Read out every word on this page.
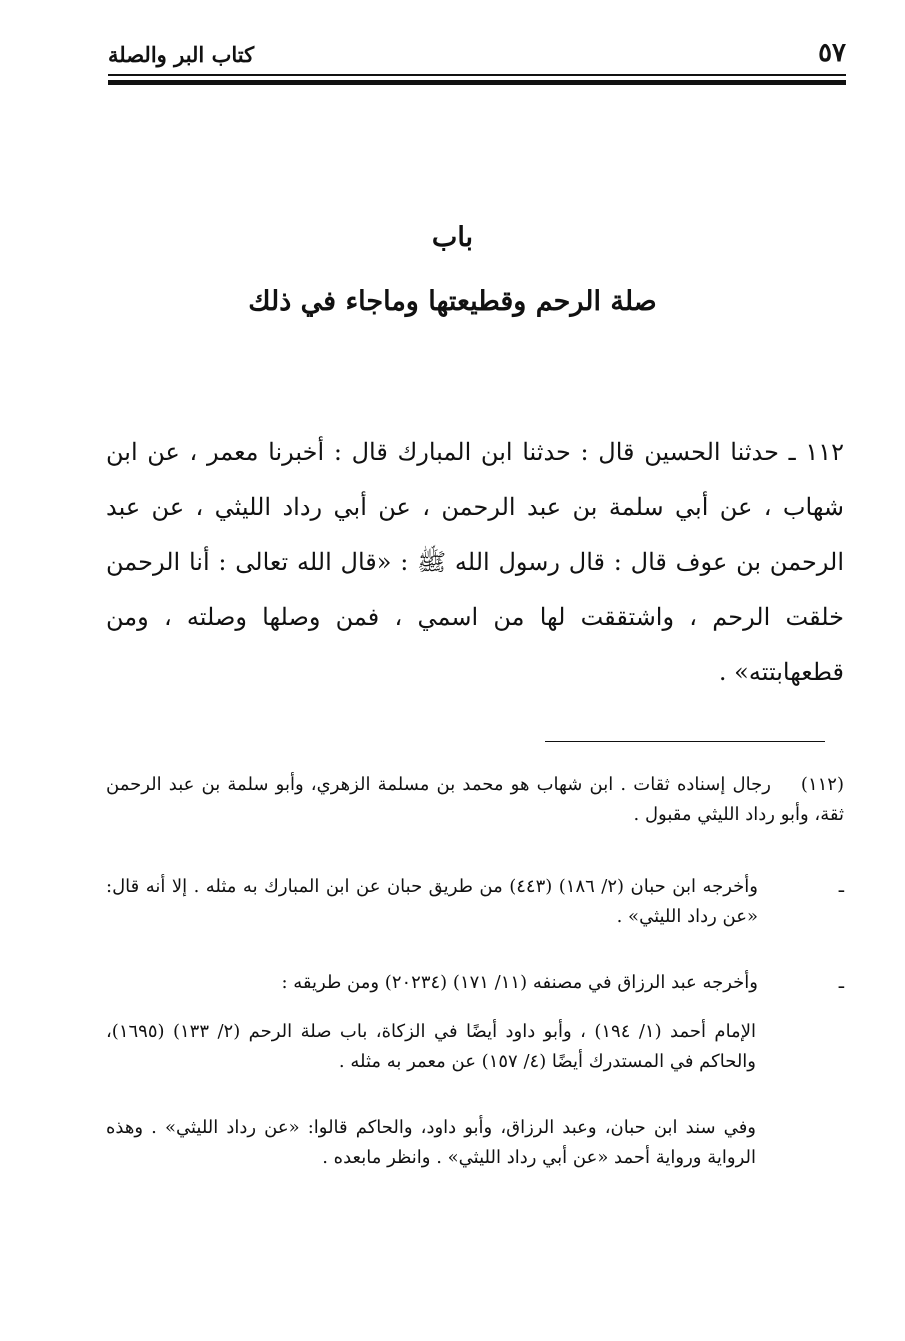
٥٧
كتاب البر والصلة
باب
صلة الرحم وقطيعتها وماجاء في ذلك
١١٢ ـ حدثنا الحسين قال : حدثنا ابن المبارك قال : أخبرنا معمر ، عن ابن شهاب ، عن أبي سلمة بن عبد الرحمن ، عن أبي رداد الليثي ، عن عبد الرحمن بن عوف قال : قال رسول الله ﷺ : «قال الله تعالى : أنا الرحمن خلقت الرحم ، واشتققت لها من اسمي ، فمن وصلها وصلته ، ومن قطعهابتته» .
(١١٢)رجال إسناده ثقات . ابن شهاب هو محمد بن مسلمة الزهري، وأبو سلمة بن عبد الرحمن ثقة، وأبو رداد الليثي مقبول .
ـ
وأخرجه ابن حبان (٢/ ١٨٦) (٤٤٣) من طريق حبان عن ابن المبارك به مثله . إلا أنه قال: «عن رداد الليثي» .
ـ
وأخرجه عبد الرزاق في مصنفه (١١/ ١٧١) (٢٠٢٣٤) ومن طريقه :
الإمام أحمد (١/ ١٩٤) ، وأبو داود أيضًا في الزكاة، باب صلة الرحم (٢/ ١٣٣) (١٦٩٥)، والحاكم في المستدرك أيضًا (٤/ ١٥٧) عن معمر به مثله .
وفي سند ابن حبان، وعبد الرزاق، وأبو داود، والحاكم قالوا: «عن رداد الليثي» . وهذه الرواية ورواية أحمد «عن أبي رداد الليثي» . وانظر مابعده .
